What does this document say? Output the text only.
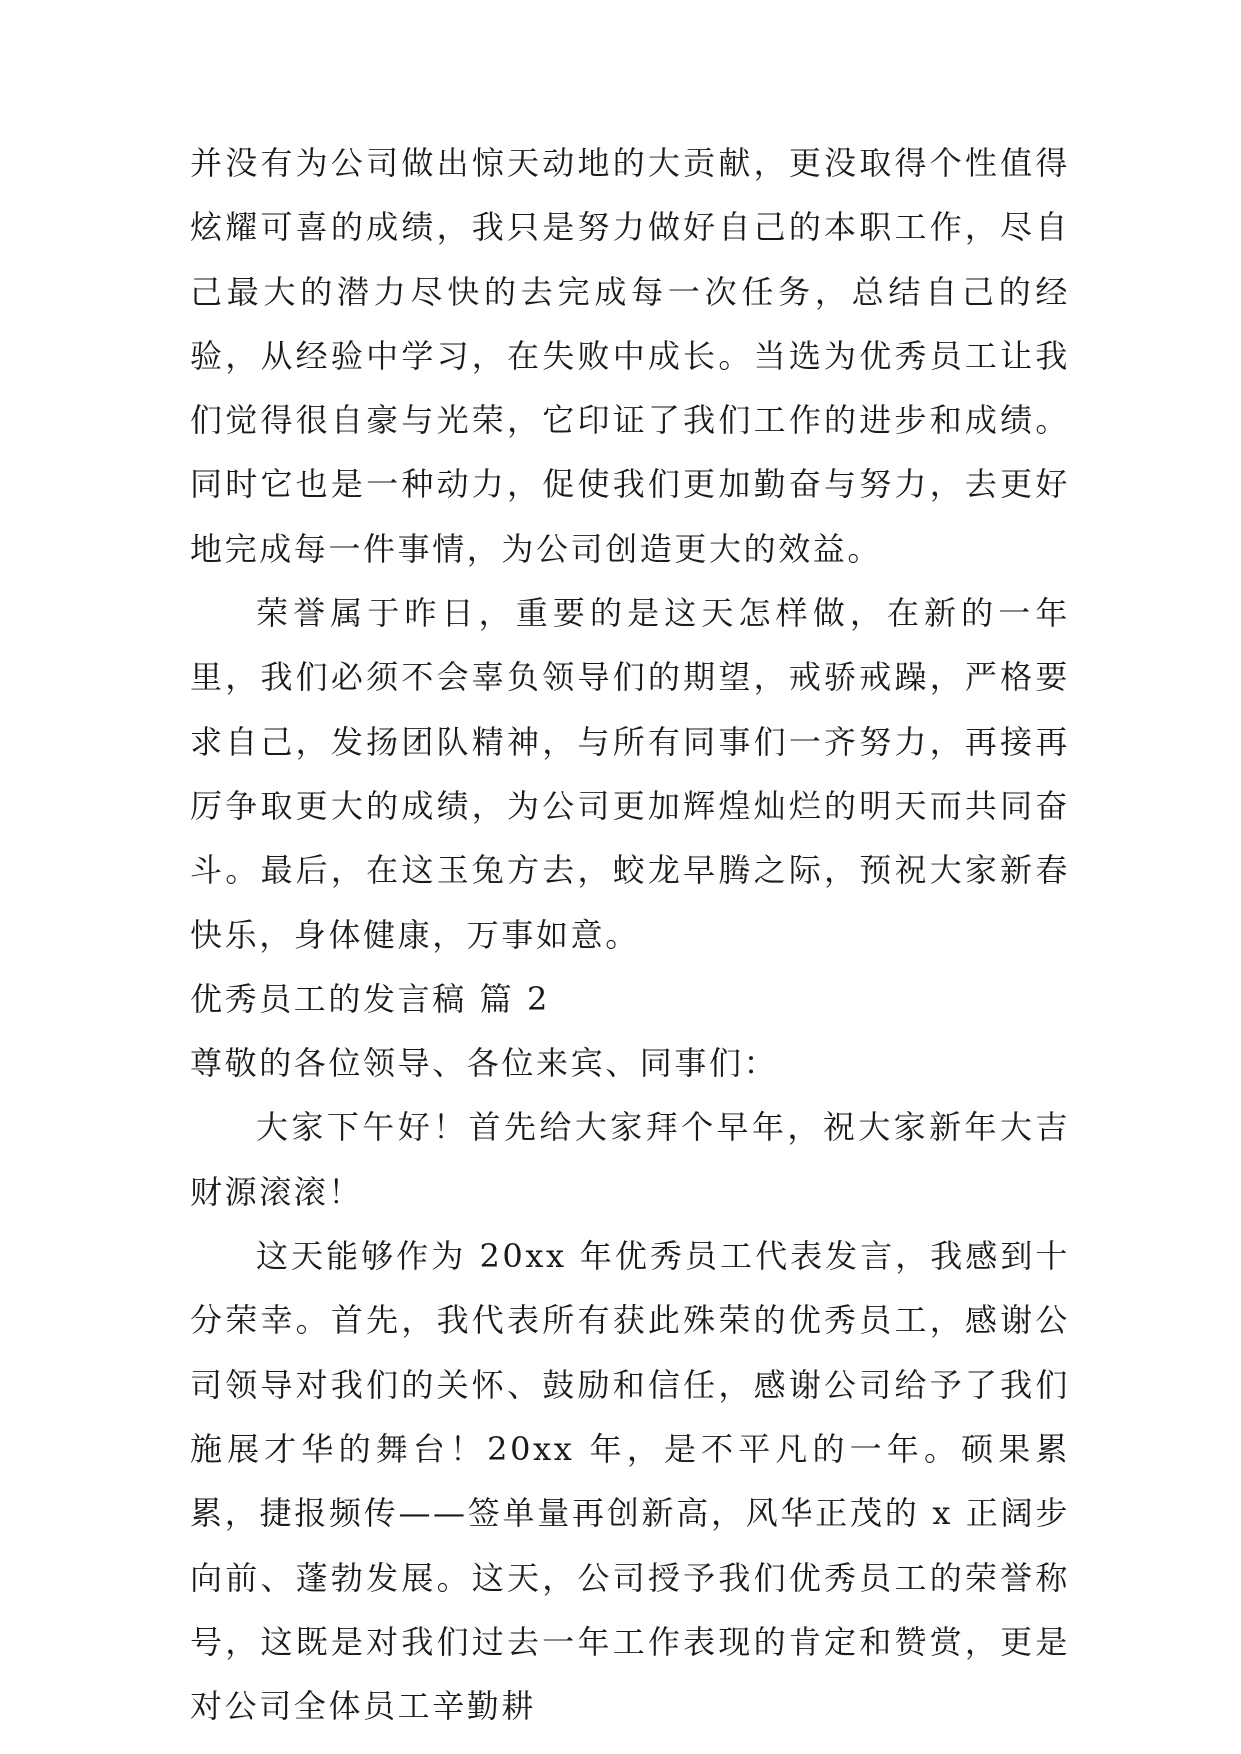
并没有为公司做出惊天动地的大贡献，更没取得个性值得炫耀可喜的成绩，我只是努力做好自己的本职工作，尽自己最大的潜力尽快的去完成每一次任务，总结自己的经验，从经验中学习，在失败中成长。当选为优秀员工让我们觉得很自豪与光荣，它印证了我们工作的进步和成绩。同时它也是一种动力，促使我们更加勤奋与努力，去更好地完成每一件事情，为公司创造更大的效益。

荣誉属于昨日，重要的是这天怎样做，在新的一年里，我们必须不会辜负领导们的期望，戒骄戒躁，严格要求自己，发扬团队精神，与所有同事们一齐努力，再接再厉争取更大的成绩，为公司更加辉煌灿烂的明天而共同奋斗。最后，在这玉兔方去，蛟龙早腾之际，预祝大家新春快乐，身体健康，万事如意。

优秀员工的发言稿 篇 2

尊敬的各位领导、各位来宾、同事们：

大家下午好！首先给大家拜个早年，祝大家新年大吉财源滚滚！

这天能够作为 20xx 年优秀员工代表发言，我感到十分荣幸。首先，我代表所有获此殊荣的优秀员工，感谢公司领导对我们的关怀、鼓励和信任，感谢公司给予了我们施展才华的舞台！20xx 年，是不平凡的一年。硕果累累，捷报频传——签单量再创新高，风华正茂的 x 正阔步向前、蓬勃发展。这天，公司授予我们优秀员工的荣誉称号，这既是对我们过去一年工作表现的肯定和赞赏，更是对公司全体员工辛勤耕
